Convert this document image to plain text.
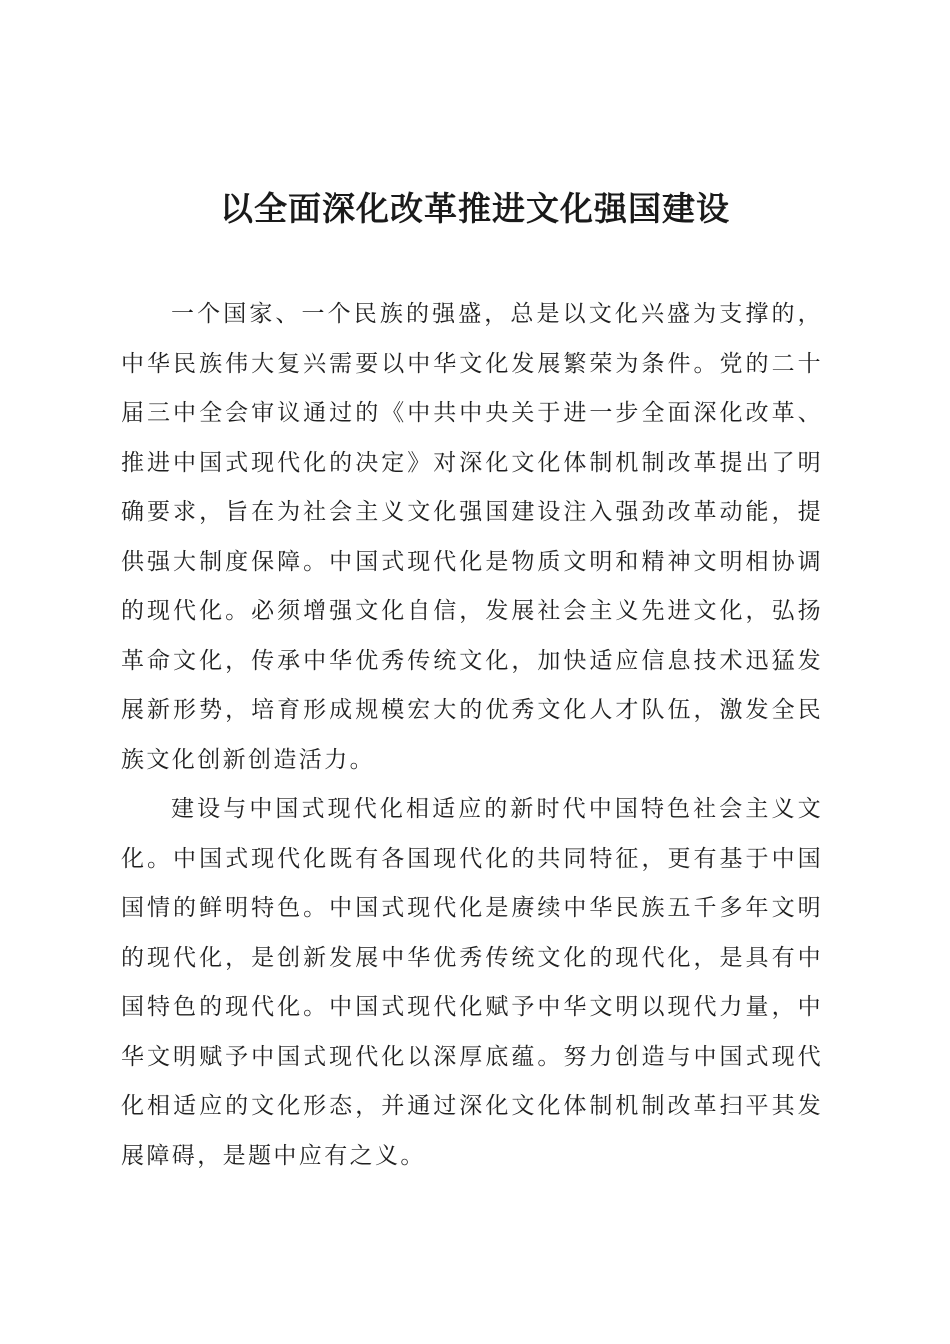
以全面深化改革推进文化强国建设

一个国家、一个民族的强盛，总是以文化兴盛为支撑的，中华民族伟大复兴需要以中华文化发展繁荣为条件。党的二十届三中全会审议通过的《中共中央关于进一步全面深化改革、推进中国式现代化的决定》对深化文化体制机制改革提出了明确要求，旨在为社会主义文化强国建设注入强劲改革动能，提供强大制度保障。中国式现代化是物质文明和精神文明相协调的现代化。必须增强文化自信，发展社会主义先进文化，弘扬革命文化，传承中华优秀传统文化，加快适应信息技术迅猛发展新形势，培育形成规模宏大的优秀文化人才队伍，激发全民族文化创新创造活力。

建设与中国式现代化相适应的新时代中国特色社会主义文化。中国式现代化既有各国现代化的共同特征，更有基于中国国情的鲜明特色。中国式现代化是赓续中华民族五千多年文明的现代化，是创新发展中华优秀传统文化的现代化，是具有中国特色的现代化。中国式现代化赋予中华文明以现代力量，中华文明赋予中国式现代化以深厚底蕴。努力创造与中国式现代化相适应的文化形态，并通过深化文化体制机制改革扫平其发展障碍，是题中应有之义。
